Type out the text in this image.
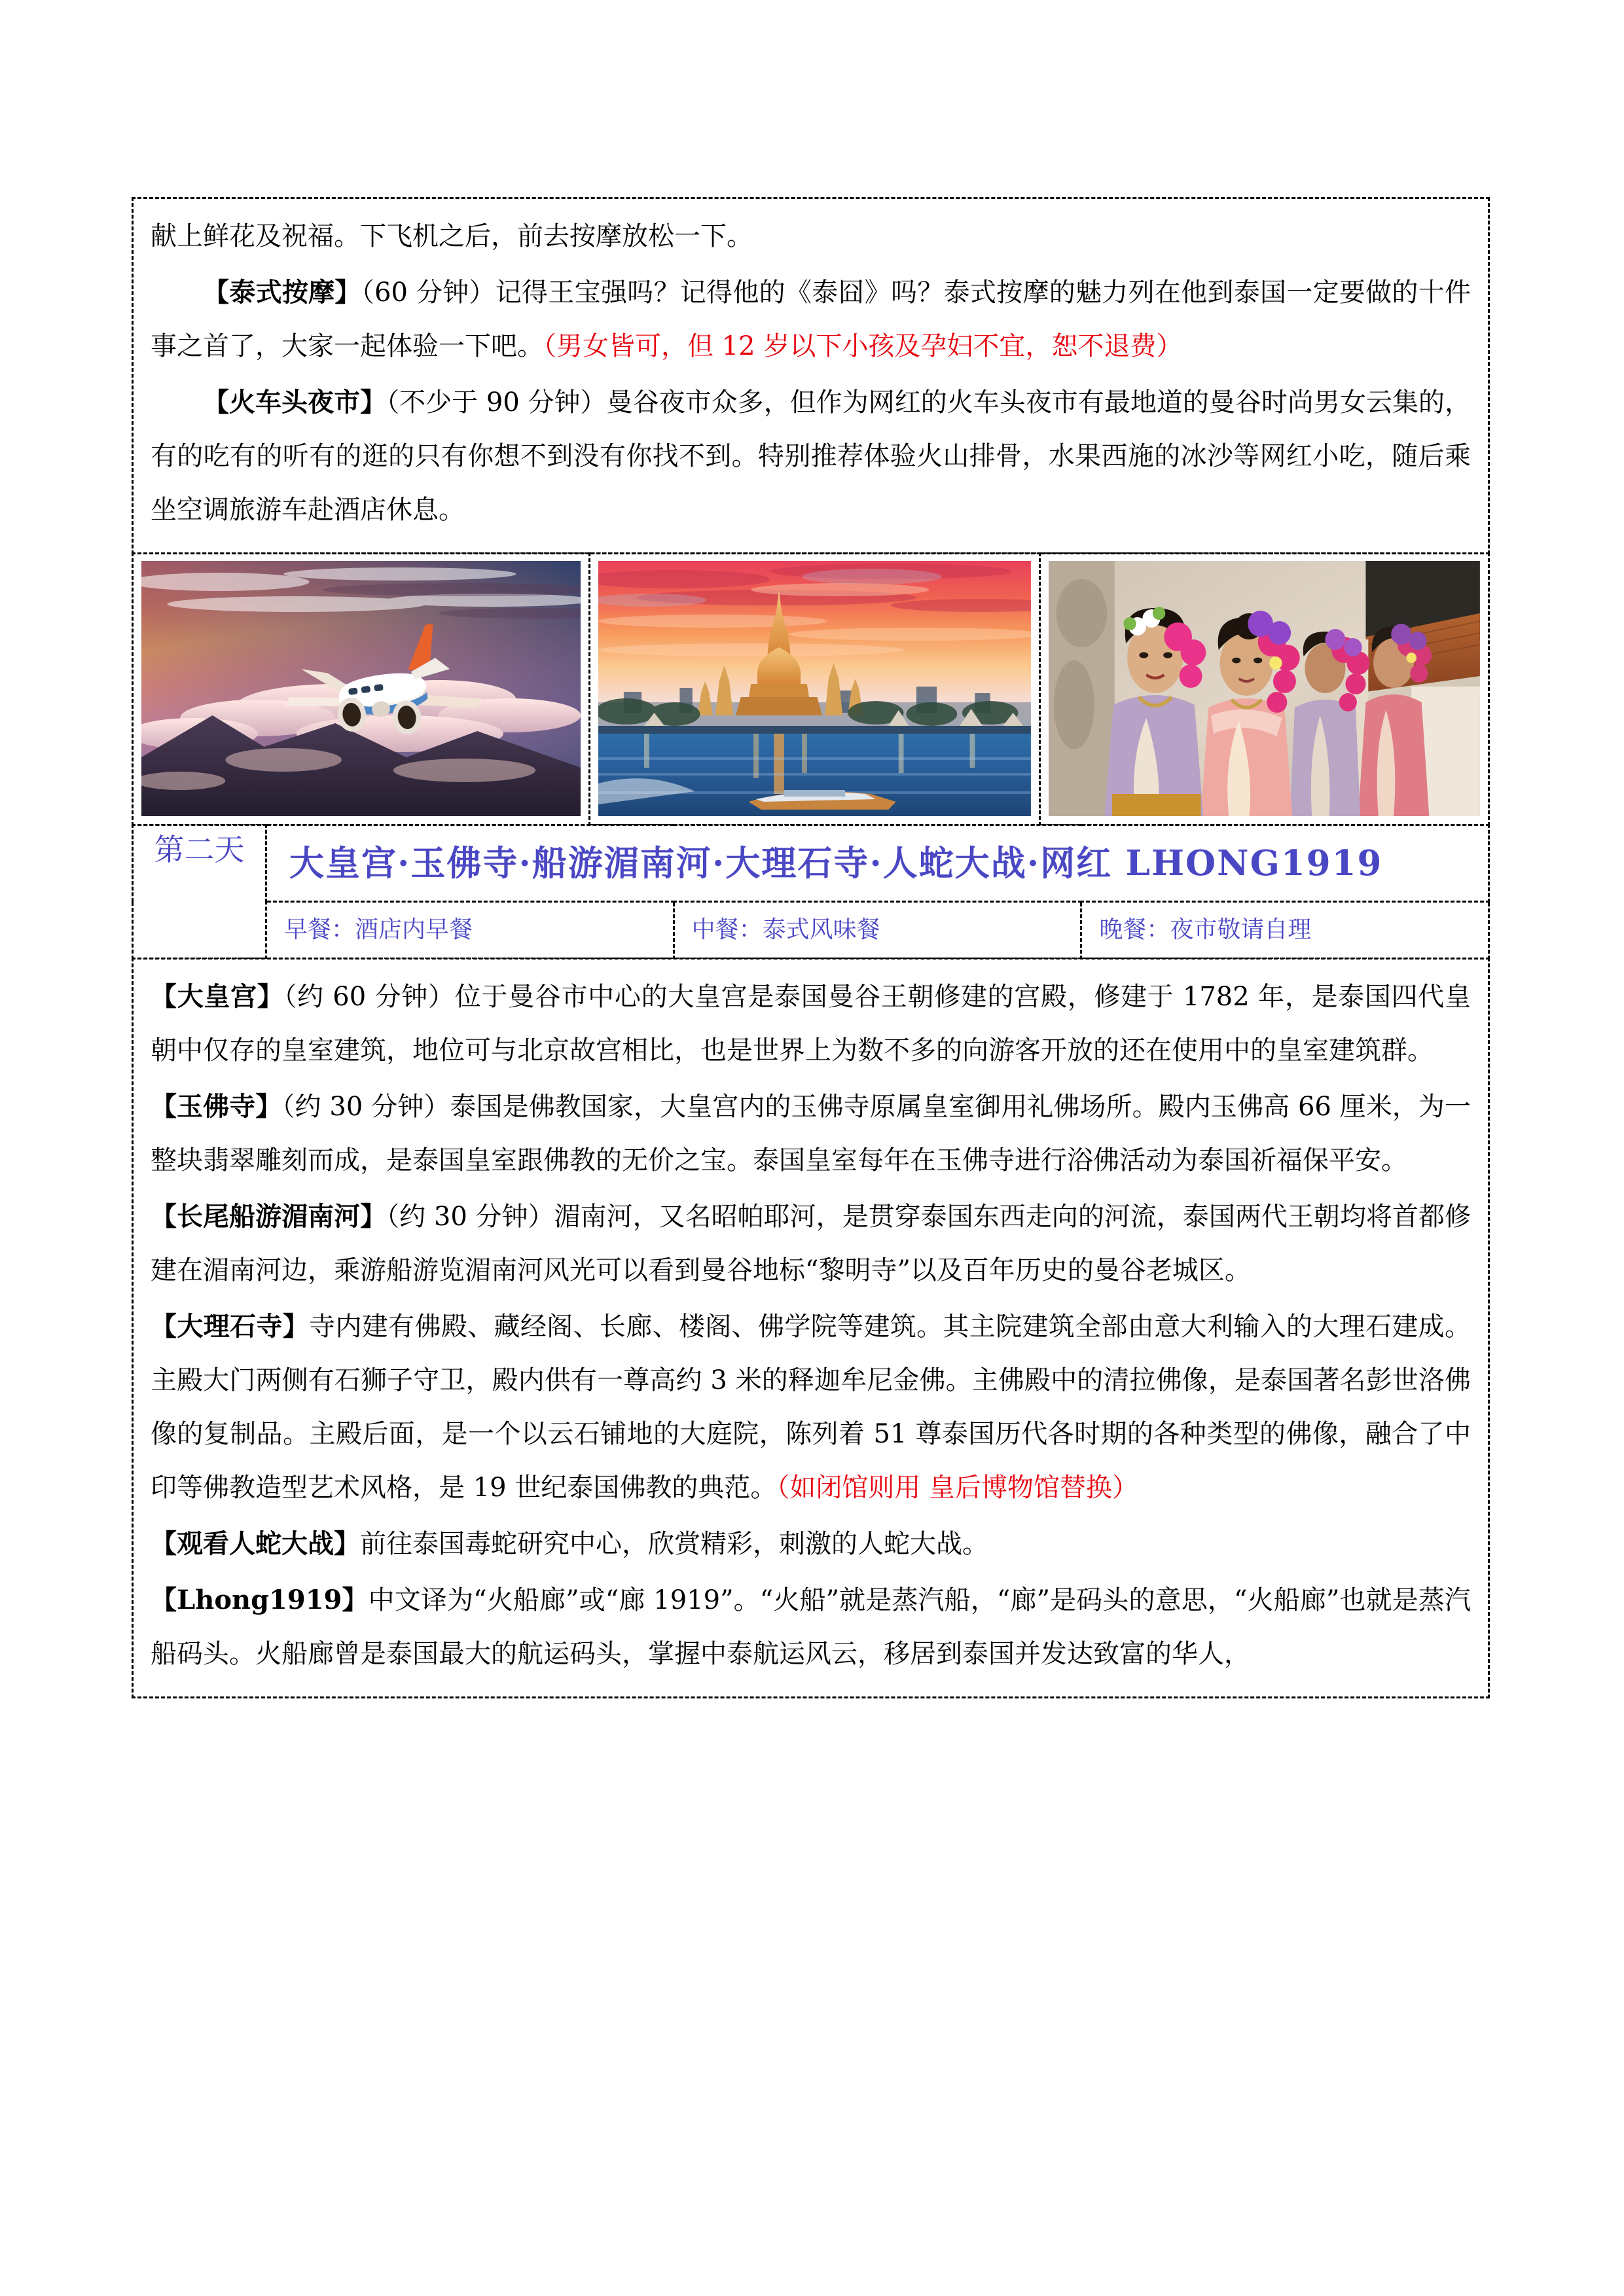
献上鲜花及祝福。下飞机之后，前去按摩放松一下。

【泰式按摩】（60 分钟）记得王宝强吗？记得他的《泰囧》吗？泰式按摩的魅力列在他到泰国一定要做的十件事之首了，大家一起体验一下吧。（男女皆可，但 12 岁以下小孩及孕妇不宜，恕不退费）

【火车头夜市】（不少于 90 分钟）曼谷夜市众多，但作为网红的火车头夜市有最地道的曼谷时尚男女云集的，有的吃有的听有的逛的只有你想不到没有你找不到。特别推荐体验火山排骨，水果西施的冰沙等网红小吃，随后乘坐空调旅游车赴酒店休息。

第二天	大皇宫·玉佛寺·船游湄南河·大理石寺·人蛇大战·网红 LHONG1919		

	早餐：酒店内早餐	中餐：泰式风味餐	晚餐：夜市敬请自理

【大皇宫】（约 60 分钟）位于曼谷市中心的大皇宫是泰国曼谷王朝修建的宫殿，修建于 1782 年，是泰国四代皇朝中仅存的皇室建筑，地位可与北京故宫相比，也是世界上为数不多的向游客开放的还在使用中的皇室建筑群。

【玉佛寺】（约 30 分钟）泰国是佛教国家，大皇宫内的玉佛寺原属皇室御用礼佛场所。殿内玉佛高 66 厘米，为一整块翡翠雕刻而成，是泰国皇室跟佛教的无价之宝。泰国皇室每年在玉佛寺进行浴佛活动为泰国祈福保平安。

【长尾船游湄南河】（约 30 分钟）湄南河，又名昭帕耶河，是贯穿泰国东西走向的河流，泰国两代王朝均将首都修建在湄南河边，乘游船游览湄南河风光可以看到曼谷地标“黎明寺”以及百年历史的曼谷老城区。

【大理石寺】寺内建有佛殿、藏经阁、长廊、楼阁、佛学院等建筑。其主院建筑全部由意大利输入的大理石建成。主殿大门两侧有石狮子守卫，殿内供有一尊高约 3 米的释迦牟尼金佛。主佛殿中的清拉佛像，是泰国著名彭世洛佛像的复制品。主殿后面，是一个以云石铺地的大庭院，陈列着 51 尊泰国历代各时期的各种类型的佛像，融合了中印等佛教造型艺术风格，是 19 世纪泰国佛教的典范。（如闭馆则用 皇后博物馆替换）

【观看人蛇大战】前往泰国毒蛇研究中心，欣赏精彩，刺激的人蛇大战。

【Lhong1919】中文译为“火船廊”或“廊 1919”。“火船”就是蒸汽船，“廊”是码头的意思，“火船廊”也就是蒸汽船码头。火船廊曾是泰国最大的航运码头，掌握中泰航运风云，移居到泰国并发达致富的华人，
